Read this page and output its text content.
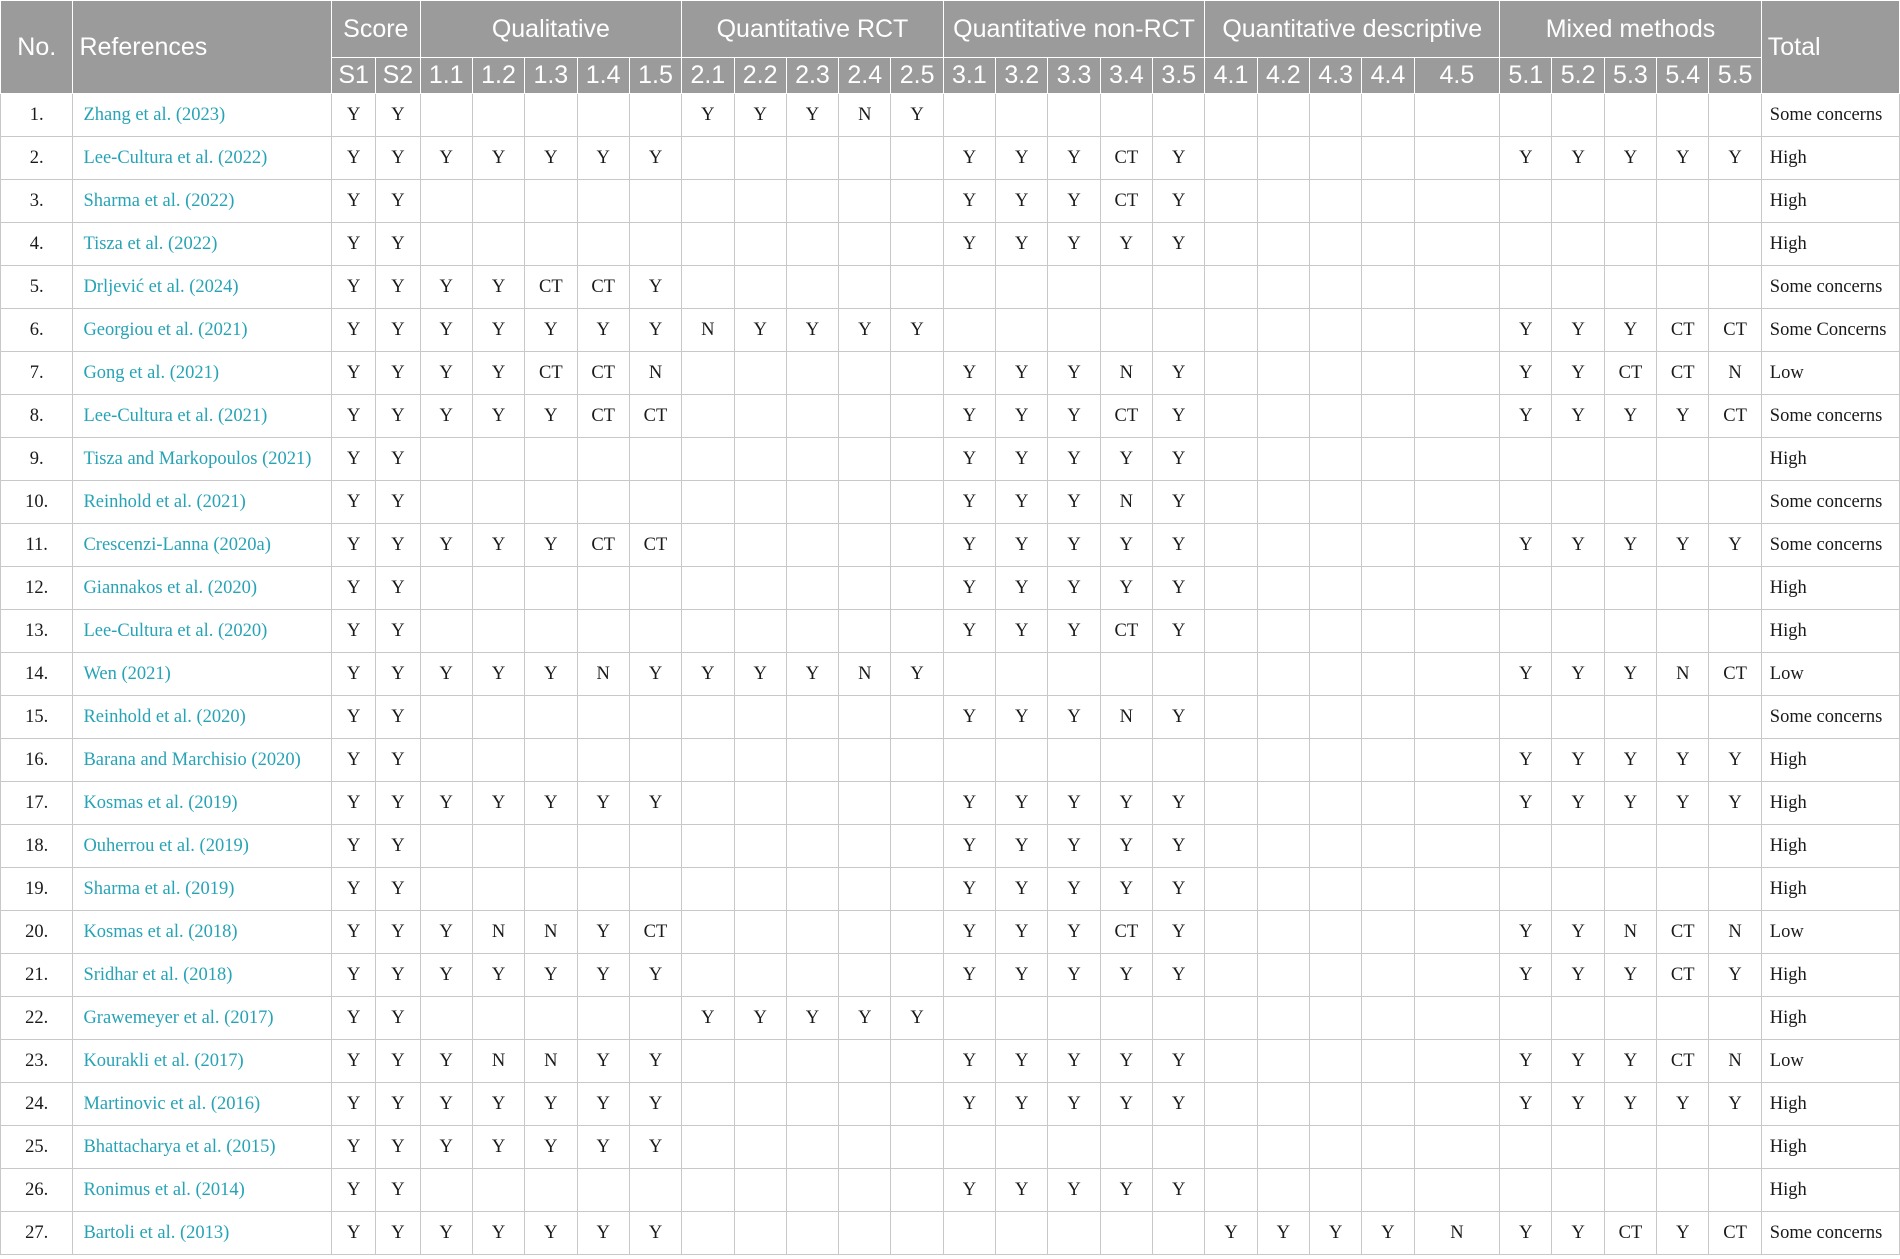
No.	References	Score		Qualitative					Quantitative RCT					Quantitative non-RCT					Quantitative descriptive					Mixed methods					Total
		S1	S2	1.1	1.2	1.3	1.4	1.5	2.1	2.2	2.3	2.4	2.5	3.1	3.2	3.3	3.4	3.5	4.1	4.2	4.3	4.4	4.5	5.1	5.2	5.3	5.4	5.5	
1.	Zhang et al. (2023)	Y	Y						Y	Y	Y	N	Y																Some concerns
2.	Lee-Cultura et al. (2022)	Y	Y	Y	Y	Y	Y	Y						Y	Y	Y	CT	Y						Y	Y	Y	Y	Y	High
3.	Sharma et al. (2022)	Y	Y											Y	Y	Y	CT	Y											High
4.	Tisza et al. (2022)	Y	Y											Y	Y	Y	Y	Y											High
5.	Drljević et al. (2024)	Y	Y	Y	Y	CT	CT	Y																					Some concerns
6.	Georgiou et al. (2021)	Y	Y	Y	Y	Y	Y	Y	N	Y	Y	Y	Y											Y	Y	Y	CT	CT	Some Concerns
7.	Gong et al. (2021)	Y	Y	Y	Y	CT	CT	N						Y	Y	Y	N	Y						Y	Y	CT	CT	N	Low
8.	Lee-Cultura et al. (2021)	Y	Y	Y	Y	Y	CT	CT						Y	Y	Y	CT	Y						Y	Y	Y	Y	CT	Some concerns
9.	Tisza and Markopoulos (2021)	Y	Y											Y	Y	Y	Y	Y											High
10.	Reinhold et al. (2021)	Y	Y											Y	Y	Y	N	Y											Some concerns
11.	Crescenzi-Lanna (2020a)	Y	Y	Y	Y	Y	CT	CT						Y	Y	Y	Y	Y						Y	Y	Y	Y	Y	Some concerns
12.	Giannakos et al. (2020)	Y	Y											Y	Y	Y	Y	Y											High
13.	Lee-Cultura et al. (2020)	Y	Y											Y	Y	Y	CT	Y											High
14.	Wen (2021)	Y	Y	Y	Y	Y	N	Y	Y	Y	Y	N	Y											Y	Y	Y	N	CT	Low
15.	Reinhold et al. (2020)	Y	Y											Y	Y	Y	N	Y											Some concerns
16.	Barana and Marchisio (2020)	Y	Y																					Y	Y	Y	Y	Y	High
17.	Kosmas et al. (2019)	Y	Y	Y	Y	Y	Y	Y						Y	Y	Y	Y	Y						Y	Y	Y	Y	Y	High
18.	Ouherrou et al. (2019)	Y	Y											Y	Y	Y	Y	Y											High
19.	Sharma et al. (2019)	Y	Y											Y	Y	Y	Y	Y											High
20.	Kosmas et al. (2018)	Y	Y	Y	N	N	Y	CT						Y	Y	Y	CT	Y						Y	Y	N	CT	N	Low
21.	Sridhar et al. (2018)	Y	Y	Y	Y	Y	Y	Y						Y	Y	Y	Y	Y						Y	Y	Y	CT	Y	High
22.	Grawemeyer et al. (2017)	Y	Y						Y	Y	Y	Y	Y																High
23.	Kourakli et al. (2017)	Y	Y	Y	N	N	Y	Y						Y	Y	Y	Y	Y						Y	Y	Y	CT	N	Low
24.	Martinovic et al. (2016)	Y	Y	Y	Y	Y	Y	Y						Y	Y	Y	Y	Y						Y	Y	Y	Y	Y	High
25.	Bhattacharya et al. (2015)	Y	Y	Y	Y	Y	Y	Y																					High
26.	Ronimus et al. (2014)	Y	Y											Y	Y	Y	Y	Y											High
27.	Bartoli et al. (2013)	Y	Y	Y	Y	Y	Y	Y											Y	Y	Y	Y	N	Y	Y	CT	Y	CT	Some concerns
